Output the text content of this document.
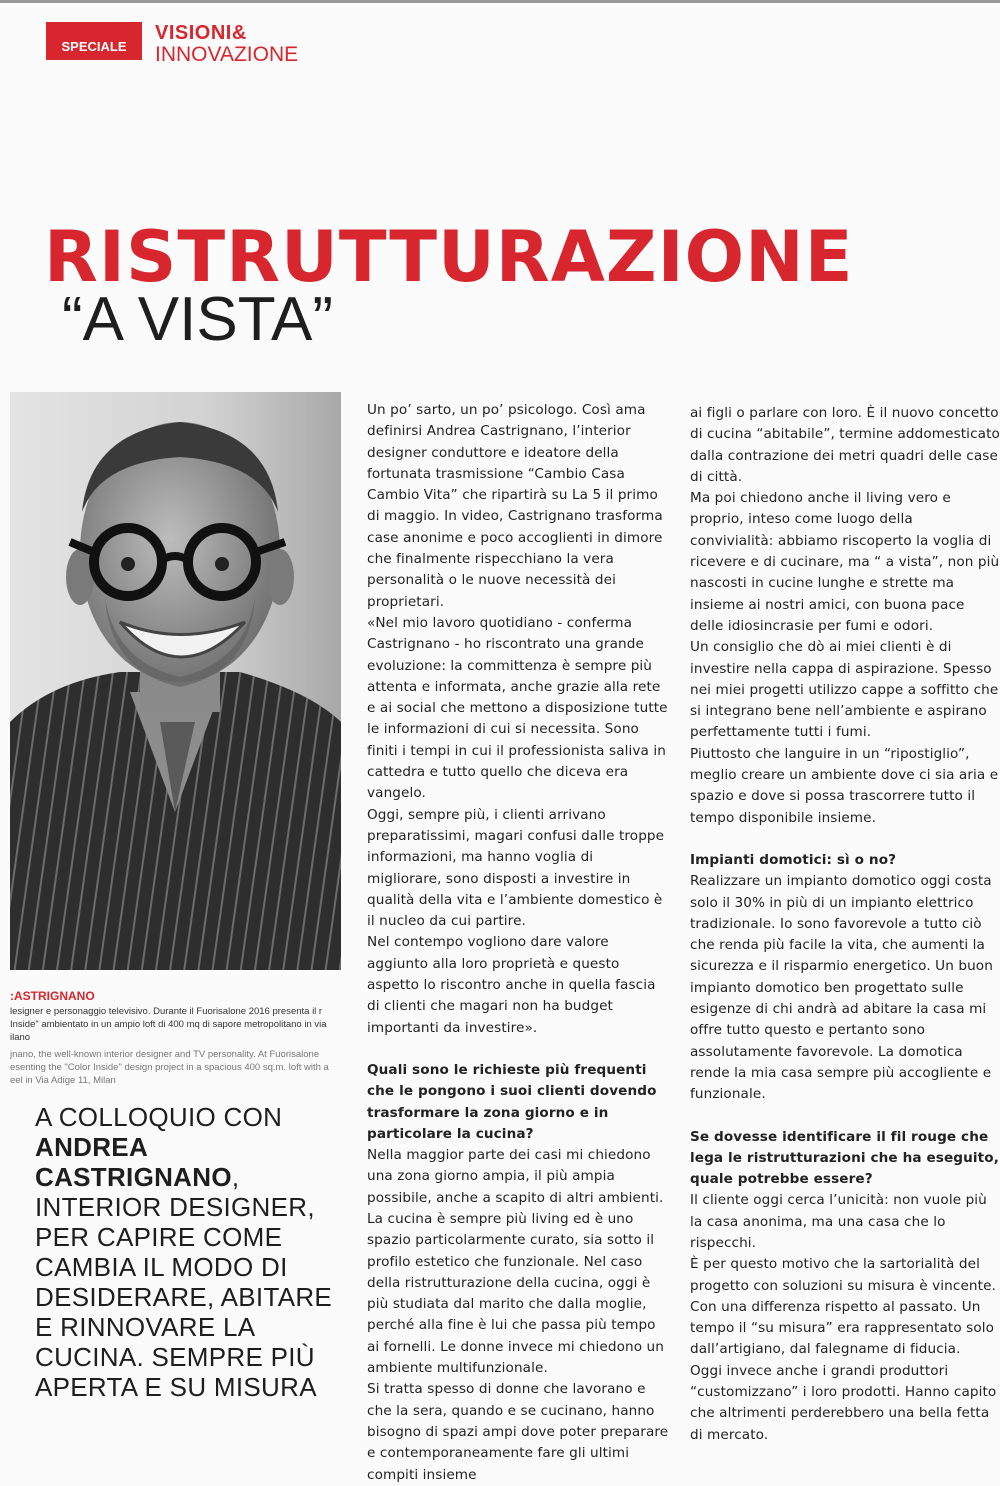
SPECIALE
VISIONI&
INNOVAZIONE
RISTRUTTURAZIONE
“A VISTA”
:ASTRIGNANO
lesigner e personaggio televisivo. Durante il Fuorisalone 2016 presenta il r Inside" ambientato in un ampio loft di 400 mq di sapore metropolitano in via ilano
jnano, the well-known interior designer and TV personality. At Fuorisalone esenting the "Color Inside" design project in a spacious 400 sq.m. loft with a eel in Via Adige 11, Milan
A COLLOQUIO CON ANDREA CASTRIGNANO, INTERIOR DESIGNER, PER CAPIRE COME CAMBIA IL MODO DI DESIDERARE, ABITARE E RINNOVARE LA CUCINA. SEMPRE PIÙ APERTA E SU MISURA

Un po’ sarto, un po’ psicologo. Così ama definirsi Andrea Castrignano, l’interior designer conduttore e ideatore della fortunata trasmissione “Cambio Casa Cambio Vita” che ripartirà su La 5 il primo di maggio. In video, Castrignano trasforma case anonime e poco accoglienti in dimore che finalmente rispecchiano la vera personalità o le nuove necessità dei proprietari.

«Nel mio lavoro quotidiano - conferma Castrignano - ho riscontrato una grande evoluzione: la committenza è sempre più attenta e informata, anche grazie alla rete e ai social che mettono a disposizione tutte le informazioni di cui si necessita. Sono finiti i tempi in cui il professionista saliva in cattedra e tutto quello che diceva era vangelo.

Oggi, sempre più, i clienti arrivano preparatissimi, magari confusi dalle troppe informazioni, ma hanno voglia di migliorare, sono disposti a investire in qualità della vita e l’ambiente domestico è il nucleo da cui partire.

Nel contempo vogliono dare valore aggiunto alla loro proprietà e questo aspetto lo riscontro anche in quella fascia di clienti che magari non ha budget importanti da investire».

Quali sono le richieste più frequenti che le pongono i suoi clienti dovendo trasformare la zona giorno e in particolare la cucina?

Nella maggior parte dei casi mi chiedono una zona giorno ampia, il più ampia possibile, anche a scapito di altri ambienti.

La cucina è sempre più living ed è uno spazio particolarmente curato, sia sotto il profilo estetico che funzionale. Nel caso della ristrutturazione della cucina, oggi è più studiata dal marito che dalla moglie, perché alla fine è lui che passa più tempo ai fornelli. Le donne invece mi chiedono un ambiente multifunzionale.

Si tratta spesso di donne che lavorano e che la sera, quando e se cucinano, hanno bisogno di spazi ampi dove poter preparare e contemporaneamente fare gli ultimi compiti insieme

ai figli o parlare con loro. È il nuovo concetto di cucina “abitabile”, termine addomesticato dalla contrazione dei metri quadri delle case di città.

Ma poi chiedono anche il living vero e proprio, inteso come luogo della convivialità: abbiamo riscoperto la voglia di ricevere e di cucinare, ma “ a vista”, non più nascosti in cucine lunghe e strette ma insieme ai nostri amici, con buona pace delle idiosincrasie per fumi e odori.

Un consiglio che dò ai miei clienti è di investire nella cappa di aspirazione. Spesso nei miei progetti utilizzo cappe a soffitto che si integrano bene nell’ambiente e aspirano perfettamente tutti i fumi.

Piuttosto che languire in un “ripostiglio”, meglio creare un ambiente dove ci sia aria e spazio e dove si possa trascorrere tutto il tempo disponibile insieme.

Impianti domotici: sì o no?

Realizzare un impianto domotico oggi costa solo il 30% in più di un impianto elettrico tradizionale. Io sono favorevole a tutto ciò che renda più facile la vita, che aumenti la sicurezza e il risparmio energetico. Un buon impianto domotico ben progettato sulle esigenze di chi andrà ad abitare la casa mi offre tutto questo e pertanto sono assolutamente favorevole. La domotica rende la mia casa sempre più accogliente e funzionale.

Se dovesse identificare il fil rouge che lega le ristrutturazioni che ha eseguito, quale potrebbe essere?

Il cliente oggi cerca l’unicità: non vuole più la casa anonima, ma una casa che lo rispecchi.

È per questo motivo che la sartorialità del progetto con soluzioni su misura è vincente. Con una differenza rispetto al passato. Un tempo il “su misura” era rappresentato solo dall’artigiano, dal falegname di fiducia.

Oggi invece anche i grandi produttori “customizzano” i loro prodotti. Hanno capito che altrimenti perderebbero una bella fetta di mercato.
